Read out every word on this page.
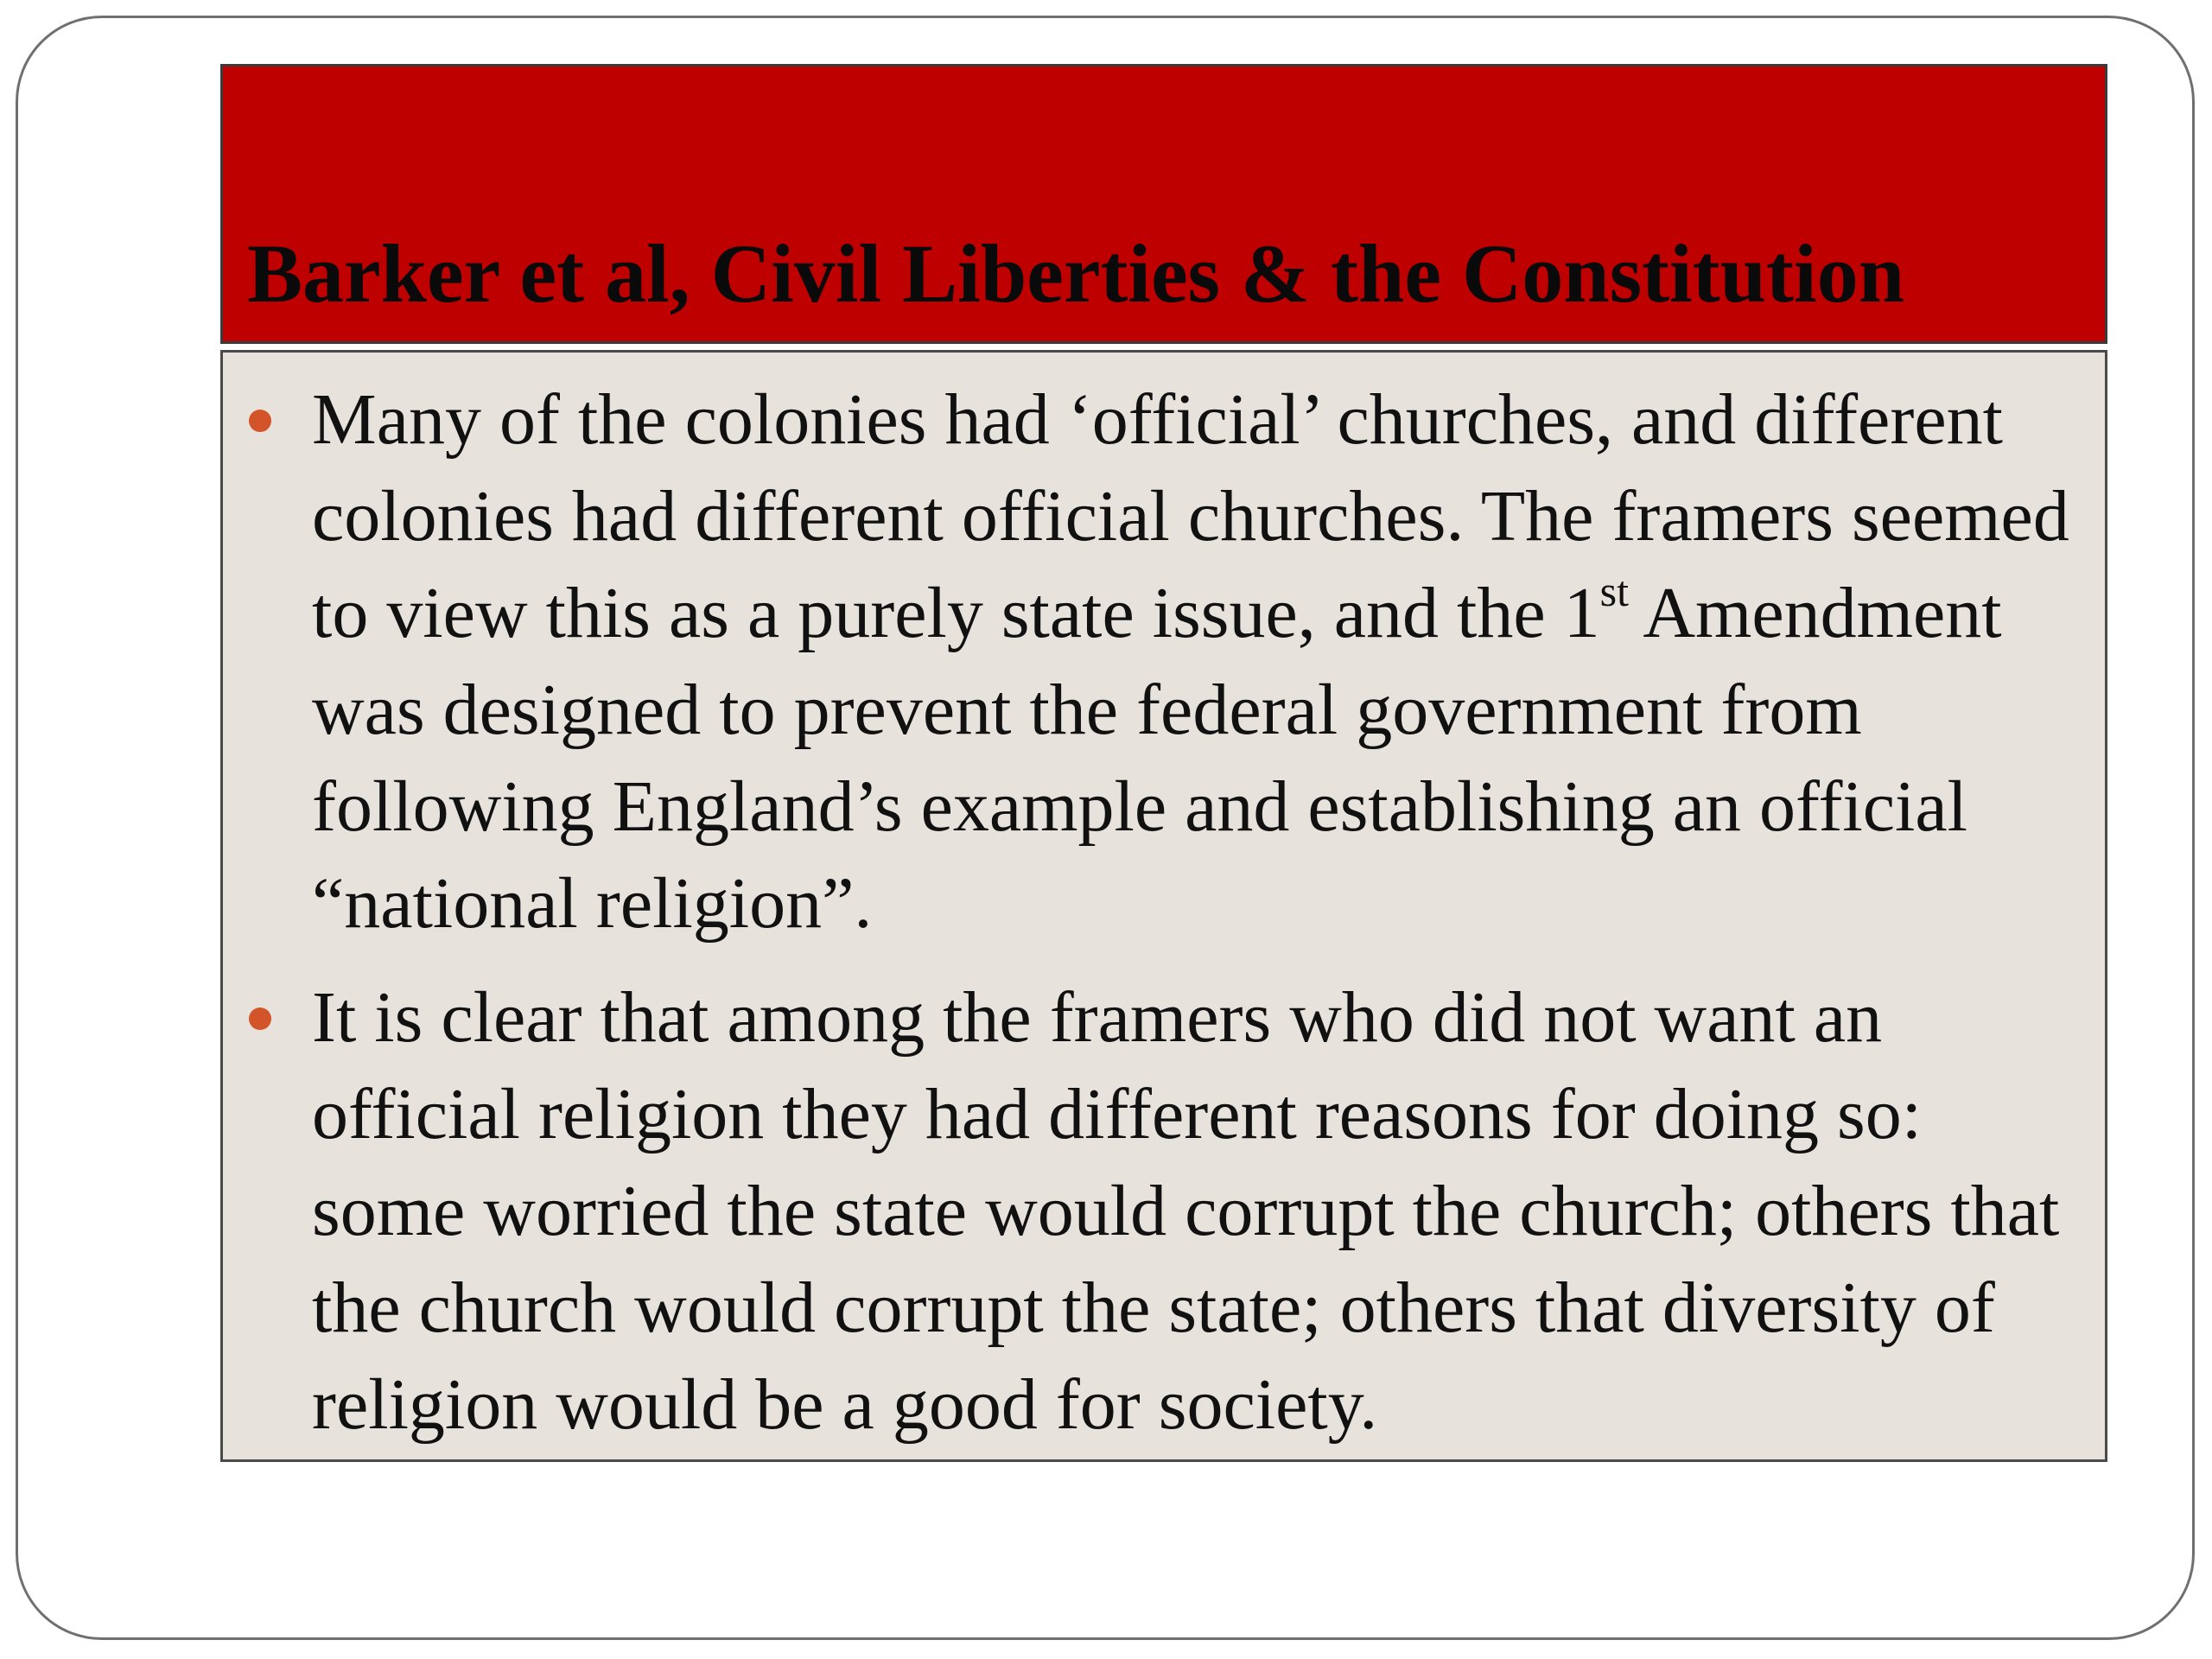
Barker et al, Civil Liberties & the Constitution
Many of the colonies had ‘official’ churches, and different colonies had different official churches. The framers seemed to view this as a purely state issue, and the 1st Amendment was designed to prevent the federal government from following England’s example and establishing an official “national religion”.
It is clear that among the framers who did not want an official religion they had different reasons for doing so: some worried the state would corrupt the church; others that the church would corrupt the state; others that diversity of religion would be a good for society.
